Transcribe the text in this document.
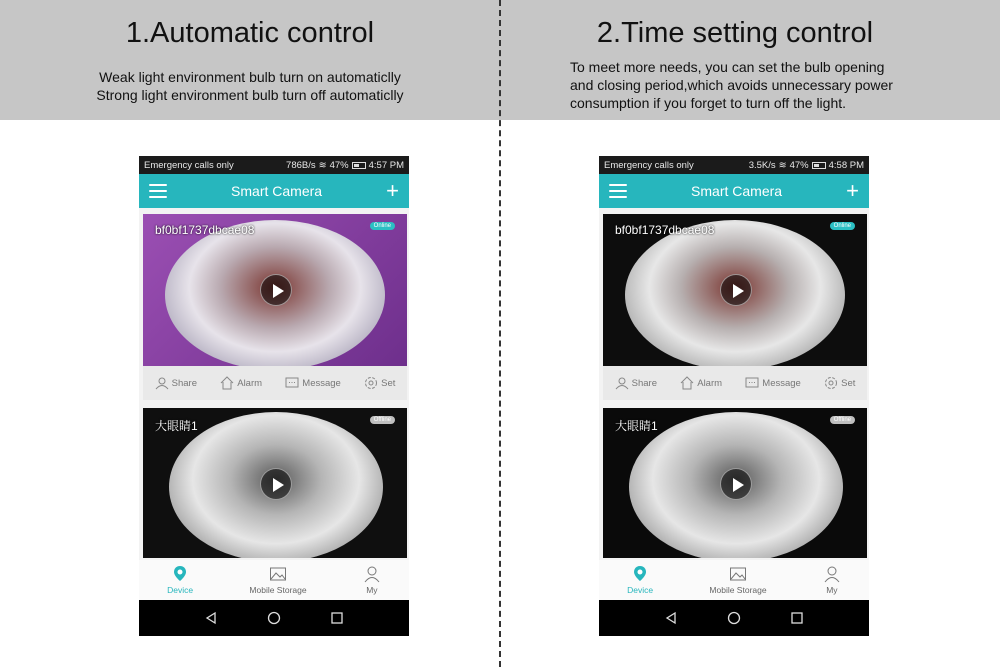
1.Automatic control
Weak light environment bulb turn on automaticlly
Strong light environment bulb turn off automaticlly
2.Time setting control
To meet more needs, you can set the bulb opening
and closing period,which avoids unnecessary power
consumption if you forget to turn off the light.
Emergency calls only	786B/s ≋ 47% 4:57 PM
Smart Camera	+
bf0bf1737dbcae08	Online
Share	Alarm	Message	Set
大眼睛1	Offline
Device	Mobile Storage	My
Emergency calls only	3.5K/s ≋ 47% 4:58 PM
Smart Camera	+
bf0bf1737dbcae08	Online
Share	Alarm	Message	Set
大眼睛1	Offline
Device	Mobile Storage	My
